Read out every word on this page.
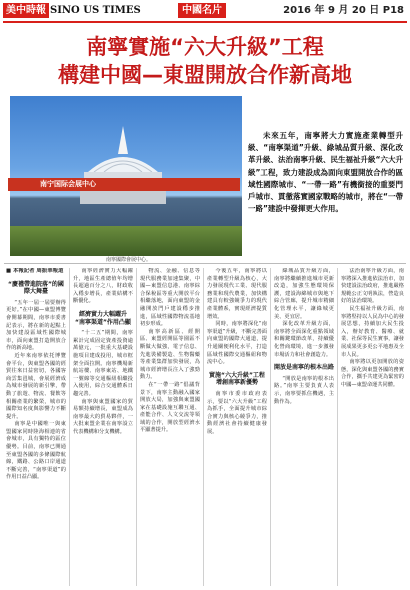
美中時報 SINO US TIMES	中國名片	2016 年 9 月 20 日 P18
南寧實施“六大升級”工程
構建中國—東盟開放合作新高地
南宁国际会展中心
南寧國際會展中心。

未來五年，南寧將大力實施產業轉型升級、“南寧渠道”升級、綠城品質升級、深化改革升級、法治南寧升級、民生福祉升級“六大升級”工程，致力建設成為面向東盟開放合作的區域性國際城市、“一帶一路”有機銜接的重要門戶城市、貫徹落實國家戰略的城市，將在“一帶一路”建設中發揮更大作用。

■ 本報記者 周振華報道

“慶禮帶進院落”的國際大舞臺

“五年一屆一屆要辦得更好。”在中國—東盟博覽會開幕期間，南寧市委書記表示，將在新的起點上加快建設區域性國際城市，面向東盟打造開放合作的新高地。

近年來南寧依托博覽會平台，與東盟各國的經貿往來日益密切，各國客商雲集邕城，會展經濟成為城市發展的新引擎，帶動了旅遊、物流、餐飲等相關產業的繁榮，城市的國際知名度與影響力不斷提升。

南寧是中國唯一與東盟國家同時陸海相連的省會城市，具有獨特的區位優勢。目前，南寧已開通至東盟各國的多條國際航線，鐵路、公路口岸通道不斷完善，“南寧渠道”的作用日益凸顯。

南寧經濟實力大幅躍升，地區生產總值年均增長超過百分之八，財政收入穩步增長，產業結構不斷優化。

經濟實力大幅躍升 “南寧渠道”作用凸顯

“十二五”期間，南寧累計完成固定資產投資逾萬億元，一批重大基礎設施項目建成投用，城市框架全面拉開。南寧機場新航站樓、南寧東站、地鐵一號線等交通樞紐相繼投入使用，綜合交通體系日趨完善。

南寧與東盟國家的貿易額持續增長，東盟成為南寧最大的貿易夥伴，一大批東盟企業在南寧設立代表機構和分支機構。

物流、金融、信息等現代服務業加速集聚，中國—東盟信息港、南寧綜合保稅區等重大開放平台相繼落地，面向東盟的金融開放門戶建設穩步推進，區域性國際物流基地初步形成。

南寧高新區、經開區、東盟經開區等園區不斷做大做強，電子信息、先進裝備製造、生物醫藥等產業集群加快發展，為城市經濟增長注入了強勁動力。

在“一帶一路”倡議背景下，南寧主動融入國家開放大局，加強與東盟國家在基礎設施互聯互通、產能合作、人文交流等領域的合作，開放型經濟水平顯著提升。

今後五年，南寧將以產業轉型升級為核心，大力發展現代工業、現代服務業和現代農業，加快構建具有較強競爭力的現代產業體系，實現經濟提質增效。

同時，南寧將深化“南寧渠道”升級，不斷完善面向東盟的國際大通道，提升通關便利化水平，打造區域性國際交通樞紐和物流中心。

實施“六大升級”工程 增創南寧新優勢

南寧市委市政府表示，要以“六大升級”工程為抓手，全面提升城市綜合實力與核心競爭力，推動經濟社會持續健康發展。

綠城品質升級方面，南寧將繼續推進城市更新改造，加強生態環境保護，建設海綿城市與地下綜合管廊，提升城市精細化管理水平，讓綠城更美、更宜居。

深化改革升級方面，南寧將全面深化重點領域和關鍵環節改革，持續優化營商環境，進一步激發市場活力和社會創造力。

開放是南寧的根本出路

“開放是南寧的根本出路。”南寧主要負責人表示，南寧要抓住機遇，主動作為。

法治南寧升級方面，南寧將深入推進依法治市，加快建設法治政府，推進嚴格規範公正文明執法，營造良好的法治環境。

民生福祉升級方面，南寧將堅持以人民為中心的發展思想，持續加大民生投入，辦好教育、醫療、就業、社保等民生實事，讓發展成果更多更公平地惠及全市人民。

南寧將以更加開放的姿態，深化與東盟各國的務實合作，攜手共建更為緊密的中國—東盟命運共同體。
